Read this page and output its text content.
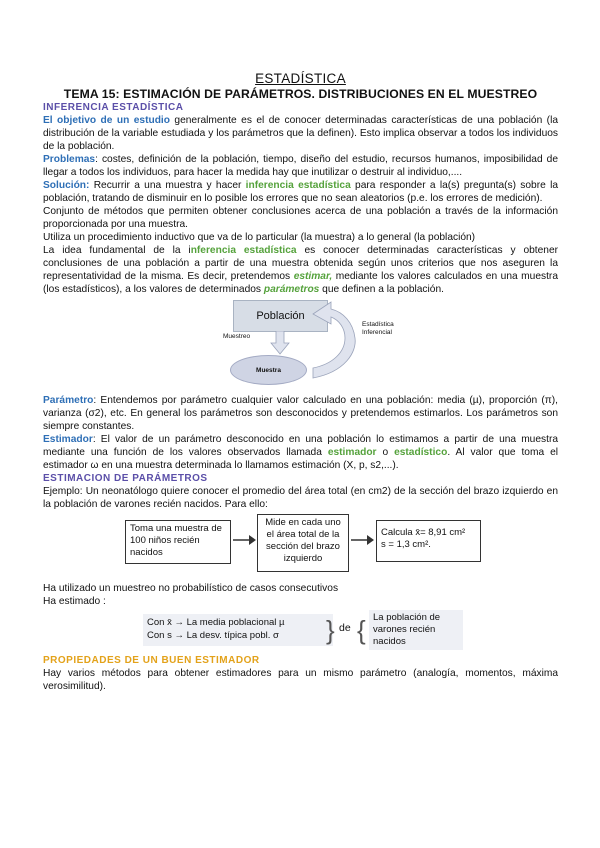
ESTADÍSTICA
TEMA 15: ESTIMACIÓN DE PARÁMETROS. DISTRIBUCIONES EN EL MUESTREO
INFERENCIA ESTADÍSTICA

El objetivo de un estudio generalmente es el de conocer determinadas características de una población (la distribución de la variable estudiada y los parámetros que la definen). Esto implica observar a todos los individuos de la población.

Problemas: costes, definición de la población, tiempo, diseño del estudio, recursos humanos, imposibilidad de llegar a todos los individuos, para hacer la medida hay que inutilizar o destruir al individuo,....

Solución: Recurrir a una muestra y hacer inferencia estadística para responder a la(s) pregunta(s) sobre la población, tratando de disminuir en lo posible los errores que no sean aleatorios (p.e. los errores de medición).

Conjunto de métodos que permiten obtener conclusiones acerca de una población a través de la información proporcionada por una muestra.

Utiliza un procedimiento inductivo que va de lo particular (la muestra) a lo general (la población)

La idea fundamental de la inferencia estadística es conocer determinadas características y obtener conclusiones de una población a partir de una muestra obtenida según unos criterios que nos aseguren la representatividad de la misma. Es decir, pretendemos estimar, mediante los valores calculados en una muestra (los estadísticos), a los valores de determinados parámetros que definen a la población.

Población
Muestreo
Muestra
Estadística
Inferencial

Parámetro: Entendemos por parámetro cualquier valor calculado en una población: media (µ), proporción (π), varianza (σ2), etc. En general los parámetros son desconocidos y pretendemos estimarlos. Los parámetros son siempre constantes.

Estimador: El valor de un parámetro desconocido en una población lo estimamos a partir de una muestra mediante una función de los valores observados llamada estimador o estadístico. Al valor que toma el estimador ω en una muestra determinada lo llamamos estimación (X, p, s2,...).

ESTIMACION DE PARÁMETROS

Ejemplo: Un neonatólogo quiere conocer el promedio del área total (en cm2) de la sección del brazo izquierdo en la población de varones recién nacidos. Para ello:

Toma una muestra de 100 niños recién nacidos
Mide en cada uno el área total de la sección del brazo izquierdo
Calcula x̄= 8,91 cm²
s = 1,3 cm².

Ha utilizado un muestreo no probabilístico de casos consecutivos

Ha estimado :

Con x̄ → La media poblacional µ
Con s → La desv. típica pobl. σ	} de { La población de varones recién nacidos
PROPIEDADES DE UN BUEN ESTIMADOR

Hay varios métodos para obtener estimadores para un mismo parámetro (analogía, momentos, máxima verosimilitud).
